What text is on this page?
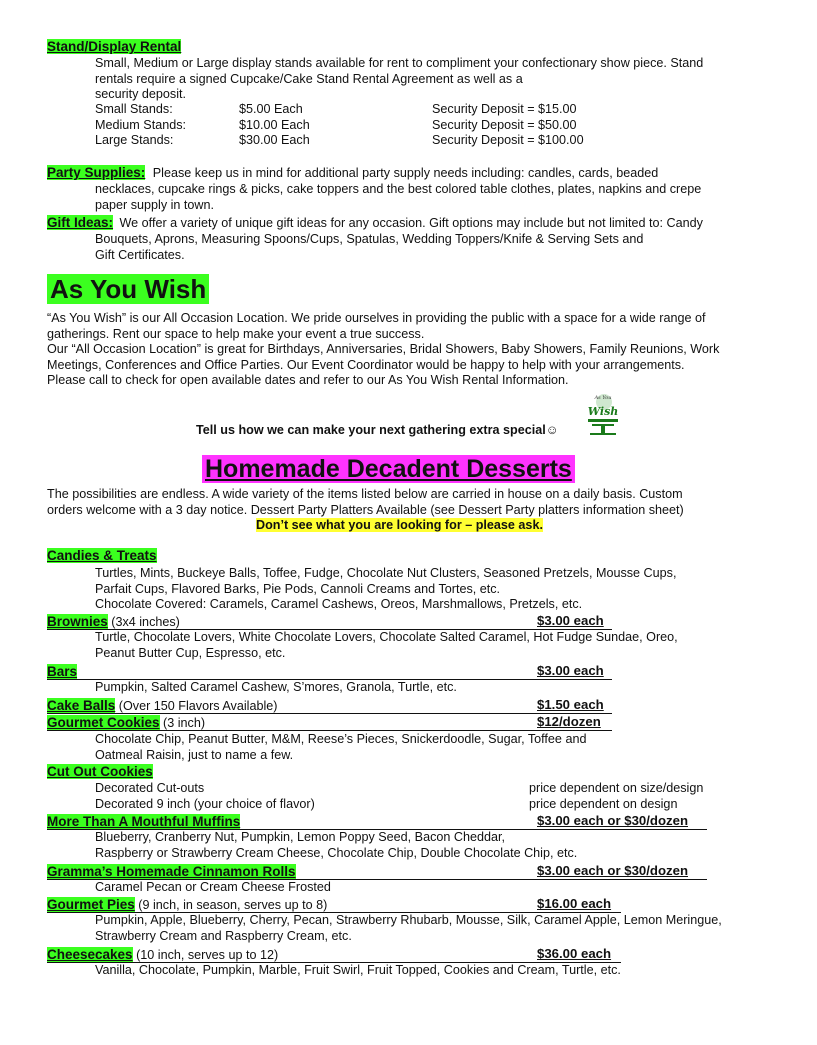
Stand/Display Rental
Small, Medium or Large display stands available for rent to compliment your confectionary show piece. Stand
rentals require a signed Cupcake/Cake Stand Rental Agreement as well as a
security deposit.
Small Stands:	$5.00 Each	Security Deposit = $15.00
Medium Stands:	$10.00 Each	Security Deposit = $50.00
Large Stands:	$30.00 Each	Security Deposit = $100.00
Party Supplies: Please keep us in mind for additional party supply needs including: candles, cards, beaded
necklaces, cupcake rings & picks, cake toppers and the best colored table clothes, plates, napkins and crepe
paper supply in town.
Gift Ideas: We offer a variety of unique gift ideas for any occasion. Gift options may include but not limited to: Candy
Bouquets, Aprons, Measuring Spoons/Cups, Spatulas, Wedding Toppers/Knife & Serving Sets and
Gift Certificates.
As You Wish
“As You Wish” is our All Occasion Location. We pride ourselves in providing the public with a space for a wide range of
gatherings. Rent our space to help make your event a true success.
Our “All Occasion Location” is great for Birthdays, Anniversaries, Bridal Showers, Baby Showers, Family Reunions, Work
Meetings, Conferences and Office Parties. Our Event Coordinator would be happy to help with your arrangements.
Please call to check for open available dates and refer to our As You Wish Rental Information.
Tell us how we can make your next gathering extra special☺
As You
Wish
Homemade Decadent Desserts
The possibilities are endless. A wide variety of the items listed below are carried in house on a daily basis. Custom
orders welcome with a 3 day notice. Dessert Party Platters Available (see Dessert Party platters information sheet)
Don’t see what you are looking for – please ask.
Candies & Treats
Turtles, Mints, Buckeye Balls, Toffee, Fudge, Chocolate Nut Clusters, Seasoned Pretzels, Mousse Cups,
Parfait Cups, Flavored Barks, Pie Pods, Cannoli Creams and Tortes, etc.
Chocolate Covered: Caramels, Caramel Cashews, Oreos, Marshmallows, Pretzels, etc.
Brownies (3x4 inches)	$3.00 each
Turtle, Chocolate Lovers, White Chocolate Lovers, Chocolate Salted Caramel, Hot Fudge Sundae, Oreo,
Peanut Butter Cup, Espresso, etc.
Bars	$3.00 each
Pumpkin, Salted Caramel Cashew, S’mores, Granola, Turtle, etc.
Cake Balls (Over 150 Flavors Available)	$1.50 each
Gourmet Cookies (3 inch)	$12/dozen
Chocolate Chip, Peanut Butter, M&M, Reese’s Pieces, Snickerdoodle, Sugar, Toffee and
Oatmeal Raisin, just to name a few.
Cut Out Cookies
Decorated Cut-outs	price dependent on size/design
Decorated 9 inch (your choice of flavor)	price dependent on design
More Than A Mouthful Muffins	$3.00 each or $30/dozen
Blueberry, Cranberry Nut, Pumpkin, Lemon Poppy Seed, Bacon Cheddar,
Raspberry or Strawberry Cream Cheese, Chocolate Chip, Double Chocolate Chip, etc.
Gramma’s Homemade Cinnamon Rolls	$3.00 each or $30/dozen
Caramel Pecan or Cream Cheese Frosted
Gourmet Pies (9 inch, in season, serves up to 8)	$16.00 each
Pumpkin, Apple, Blueberry, Cherry, Pecan, Strawberry Rhubarb, Mousse, Silk, Caramel Apple, Lemon Meringue,
Strawberry Cream and Raspberry Cream, etc.
Cheesecakes (10 inch, serves up to 12)	$36.00 each
Vanilla, Chocolate, Pumpkin, Marble, Fruit Swirl, Fruit Topped, Cookies and Cream, Turtle, etc.
